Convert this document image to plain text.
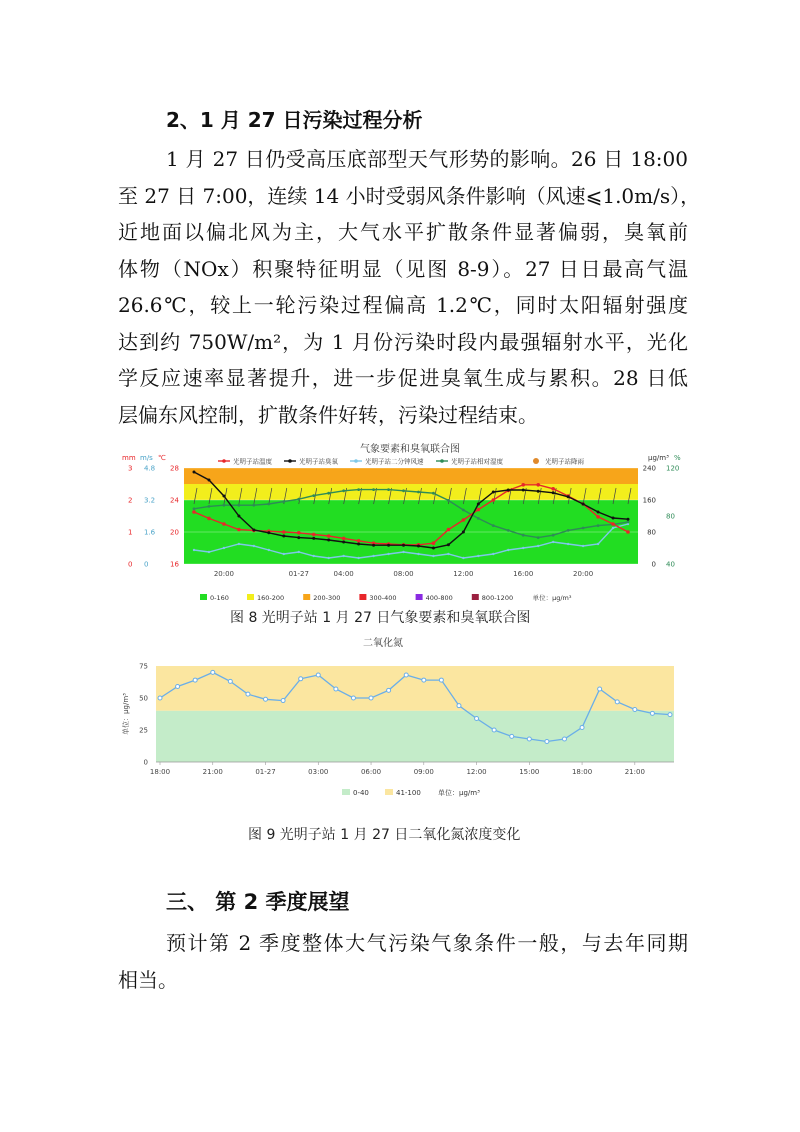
2、1 月 27 日污染过程分析
1 月 27 日仍受高压底部型天气形势的影响。26 日 18:00
至 27 日 7:00，连续 14 小时受弱风条件影响（风速⩽1.0m/s），
近地面以偏北风为主，大气水平扩散条件显著偏弱，臭氧前
体物（NOx）积聚特征明显（见图 8-9）。27 日日最高气温
26.6℃，较上一轮污染过程偏高 1.2℃，同时太阳辐射强度
达到约 750W/m²，为 1 月份污染时段内最强辐射水平，光化
学反应速率显著提升，进一步促进臭氧生成与累积。28 日低
层偏东风控制，扩散条件好转，污染过程结束。
气象要素和臭氧联合图
光明子站温度	光明子站臭氧	光明子站二分钟风速	光明子站相对湿度	光明子站降雨
mm m/s ℃	μg/m³ %
0
1
2
3
0
1.6
3.2
4.8
16
20
24
28
0
80
160
240
40
80
120
20:00	01-27	04:00	08:00	12:00	16:00	20:00
0-160	160-200	200-300	300-400	400-800	800-1200	单位：μg/m³
图 8 光明子站 1 月 27 日气象要素和臭氧联合图
二氧化氮
0
25
50
75
单位：μg/m³
18:00	21:00	01-27	03:00	06:00	09:00	12:00	15:00	18:00	21:00
0-40	41-100 单位：μg/m³
图 9 光明子站 1 月 27 日二氧化氮浓度变化
三、 第 2 季度展望
预计第 2 季度整体大气污染气象条件一般，与去年同期
相当。
